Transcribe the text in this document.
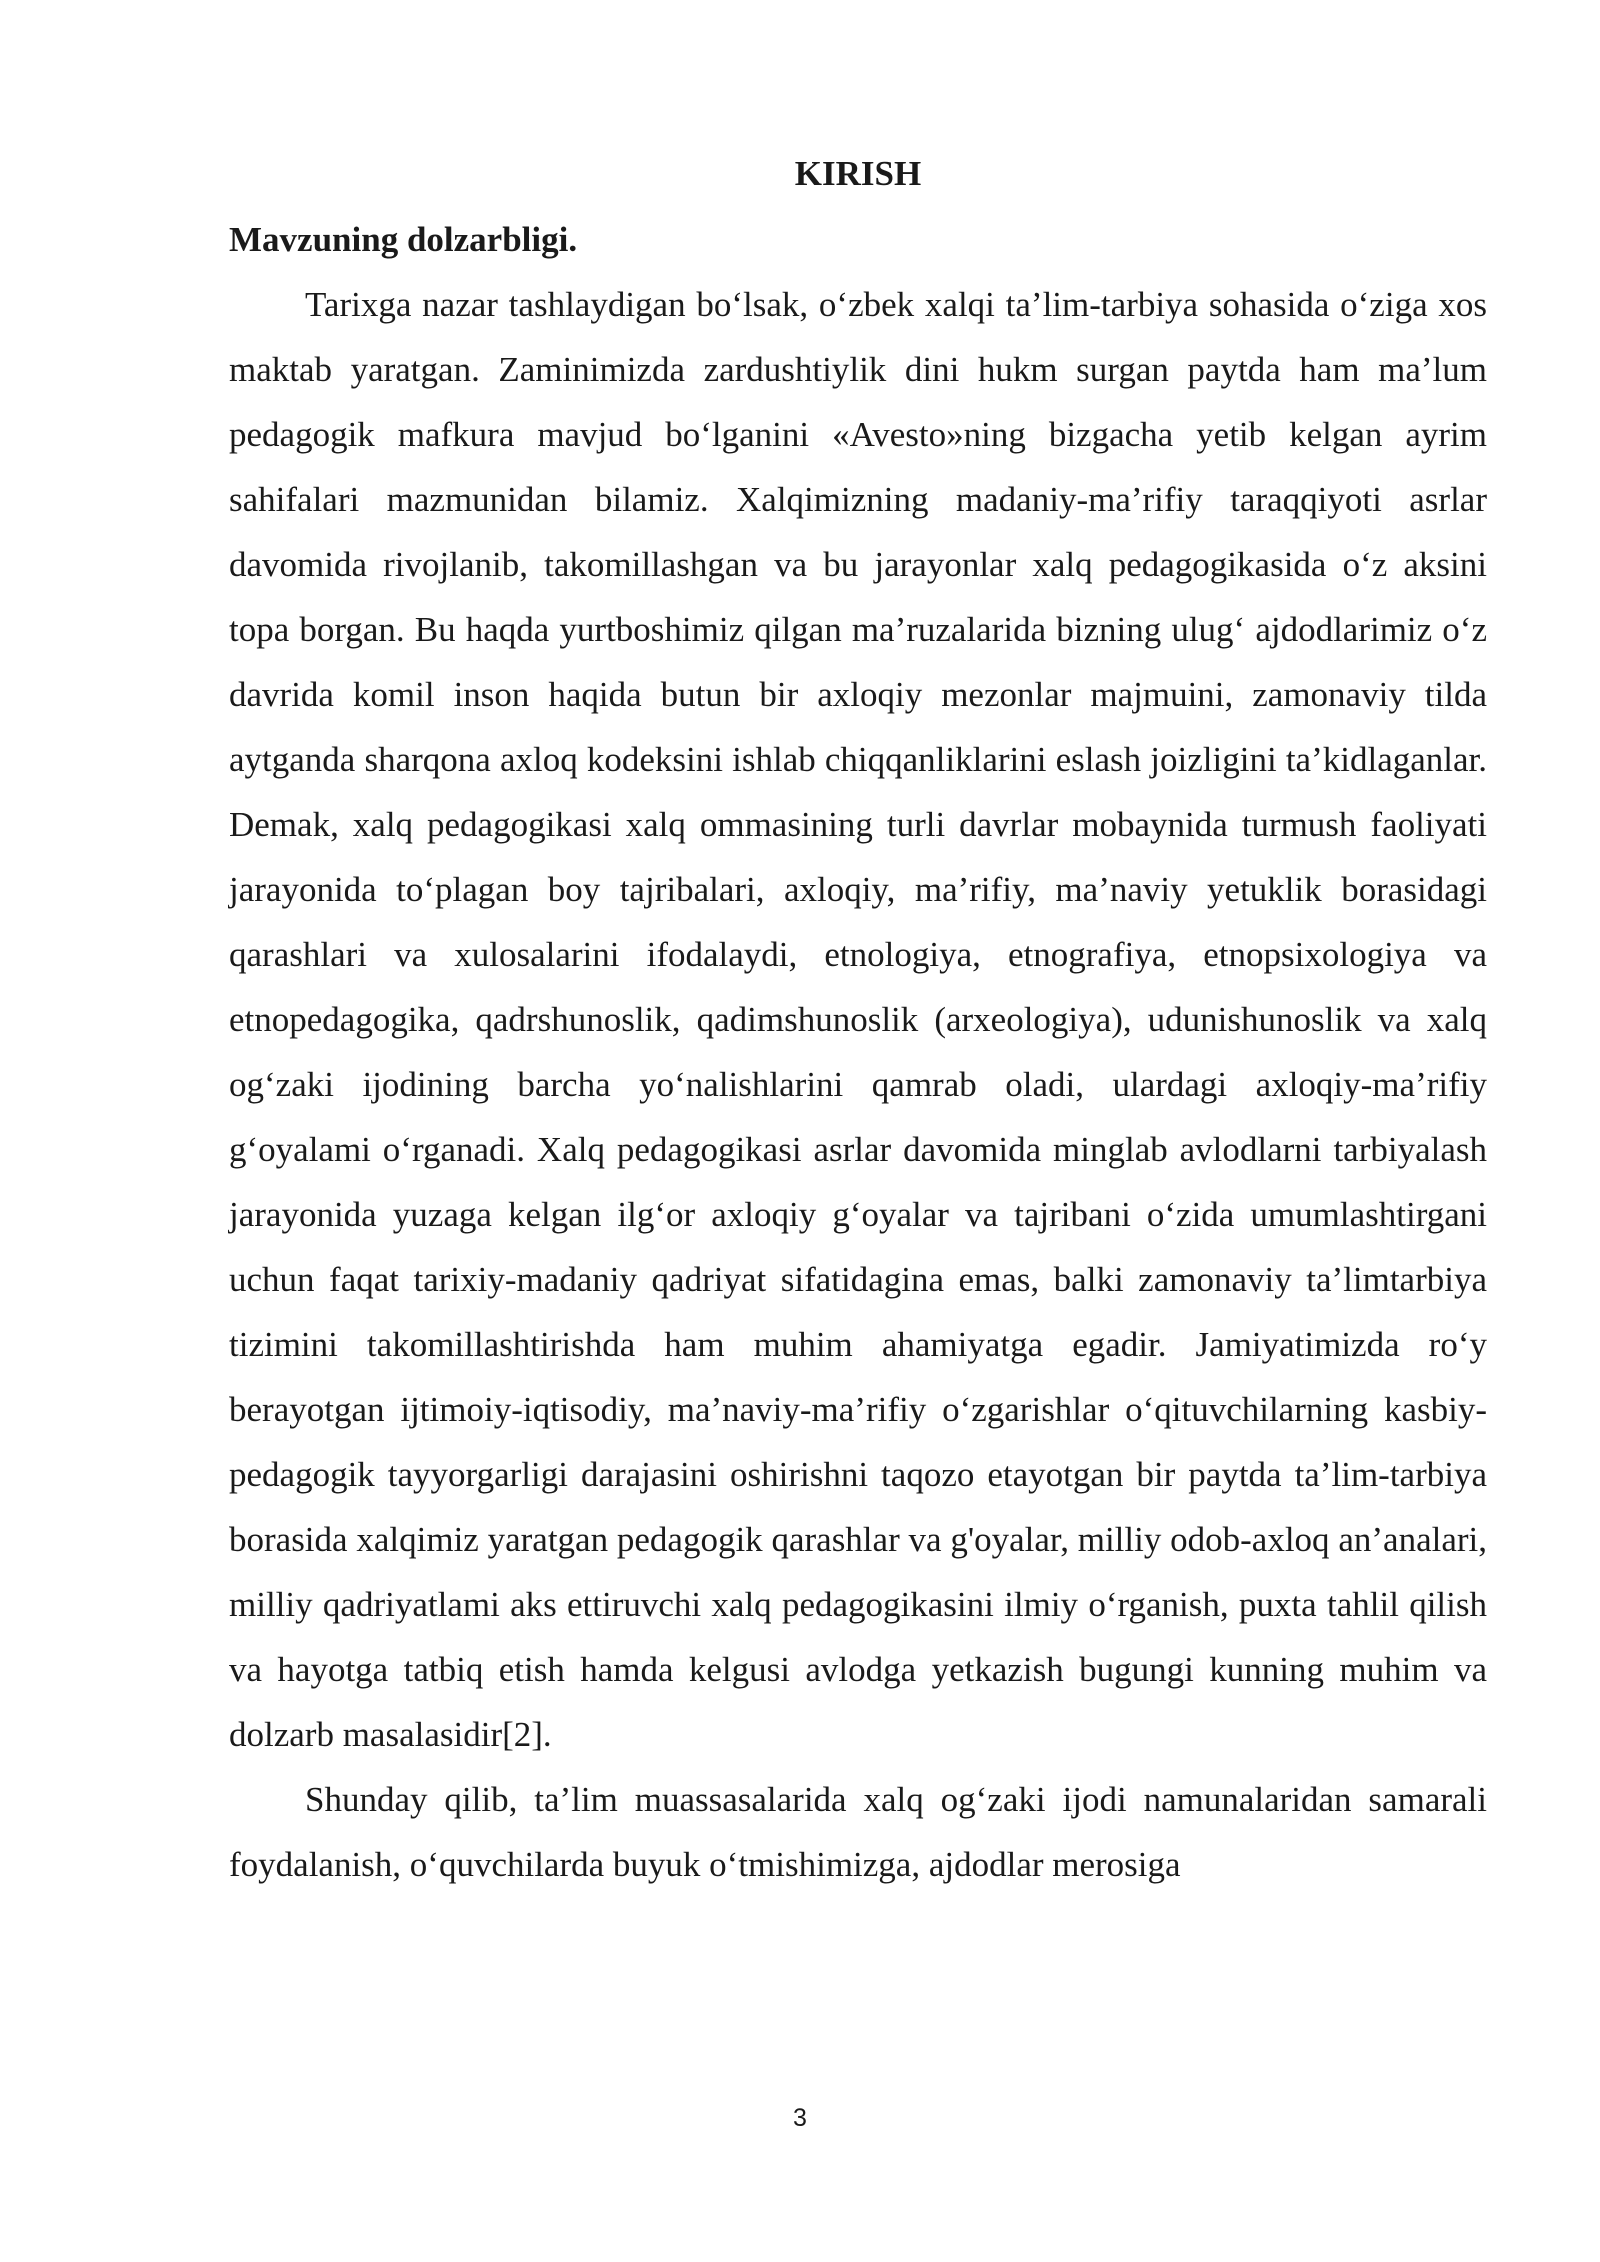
KIRISH
Mavzuning dolzarbligi.

Tarixga nazar tashlaydigan bo‘lsak, o‘zbek xalqi ta’lim-tarbiya sohasida o‘ziga xos maktab yaratgan. Zaminimizda zardushtiylik dini hukm surgan paytda ham ma’lum pedagogik mafkura mavjud bo‘lganini «Avesto»ning bizgacha yetib kelgan ayrim sahifalari mazmunidan bilamiz. Xalqimizning madaniy-ma’rifiy taraqqiyoti asrlar davomida rivojlanib, takomillashgan va bu jarayonlar xalq pedagogikasida o‘z aksini topa borgan. Bu haqda yurtboshimiz qilgan ma’ruzalarida bizning ulug‘ ajdodlarimiz o‘z davrida komil inson haqida butun bir axloqiy mezonlar majmuini, zamonaviy tilda aytganda sharqona axloq kodeksini ishlab chiqqanliklarini eslash joizligini ta’kidlaganlar. Demak, xalq pedagogikasi xalq ommasining turli davrlar mobaynida turmush faoliyati jarayonida to‘plagan boy tajribalari, axloqiy, ma’rifiy, ma’naviy yetuklik borasidagi qarashlari va xulosalarini ifodalaydi, etnologiya, etnografiya, etnopsixologiya va etnopedagogika, qadrshunoslik, qadimshunoslik (arxeologiya), udunishunoslik va xalq og‘zaki ijodining barcha yo‘nalishlarini qamrab oladi, ulardagi axloqiy-ma’rifiy g‘oyalami o‘rganadi. Xalq pedagogikasi asrlar davomida minglab avlodlarni tarbiyalash jarayonida yuzaga kelgan ilg‘or axloqiy g‘oyalar va tajribani o‘zida umumlashtirgani uchun faqat tarixiy-madaniy qadriyat sifatidagina emas, balki zamonaviy ta’limtarbiya tizimini takomillashtirishda ham muhim ahamiyatga egadir. Jamiyatimizda ro‘y berayotgan ijtimoiy-iqtisodiy, ma’naviy-ma’rifiy o‘zgarishlar o‘qituvchilarning kasbiy-pedagogik tayyorgarligi darajasini oshirishni taqozo etayotgan bir paytda ta’lim-tarbiya borasida xalqimiz yaratgan pedagogik qarashlar va g'oyalar, milliy odob-axloq an’analari, milliy qadriyatlami aks ettiruvchi xalq pedagogikasini ilmiy o‘rganish, puxta tahlil qilish va hayotga tatbiq etish hamda kelgusi avlodga yetkazish bugungi kunning muhim va dolzarb masalasidir[2].

Shunday qilib, ta’lim muassasalarida xalq og‘zaki ijodi namunalaridan samarali foydalanish, o‘quvchilarda buyuk o‘tmishimizga, ajdodlar merosiga

3
